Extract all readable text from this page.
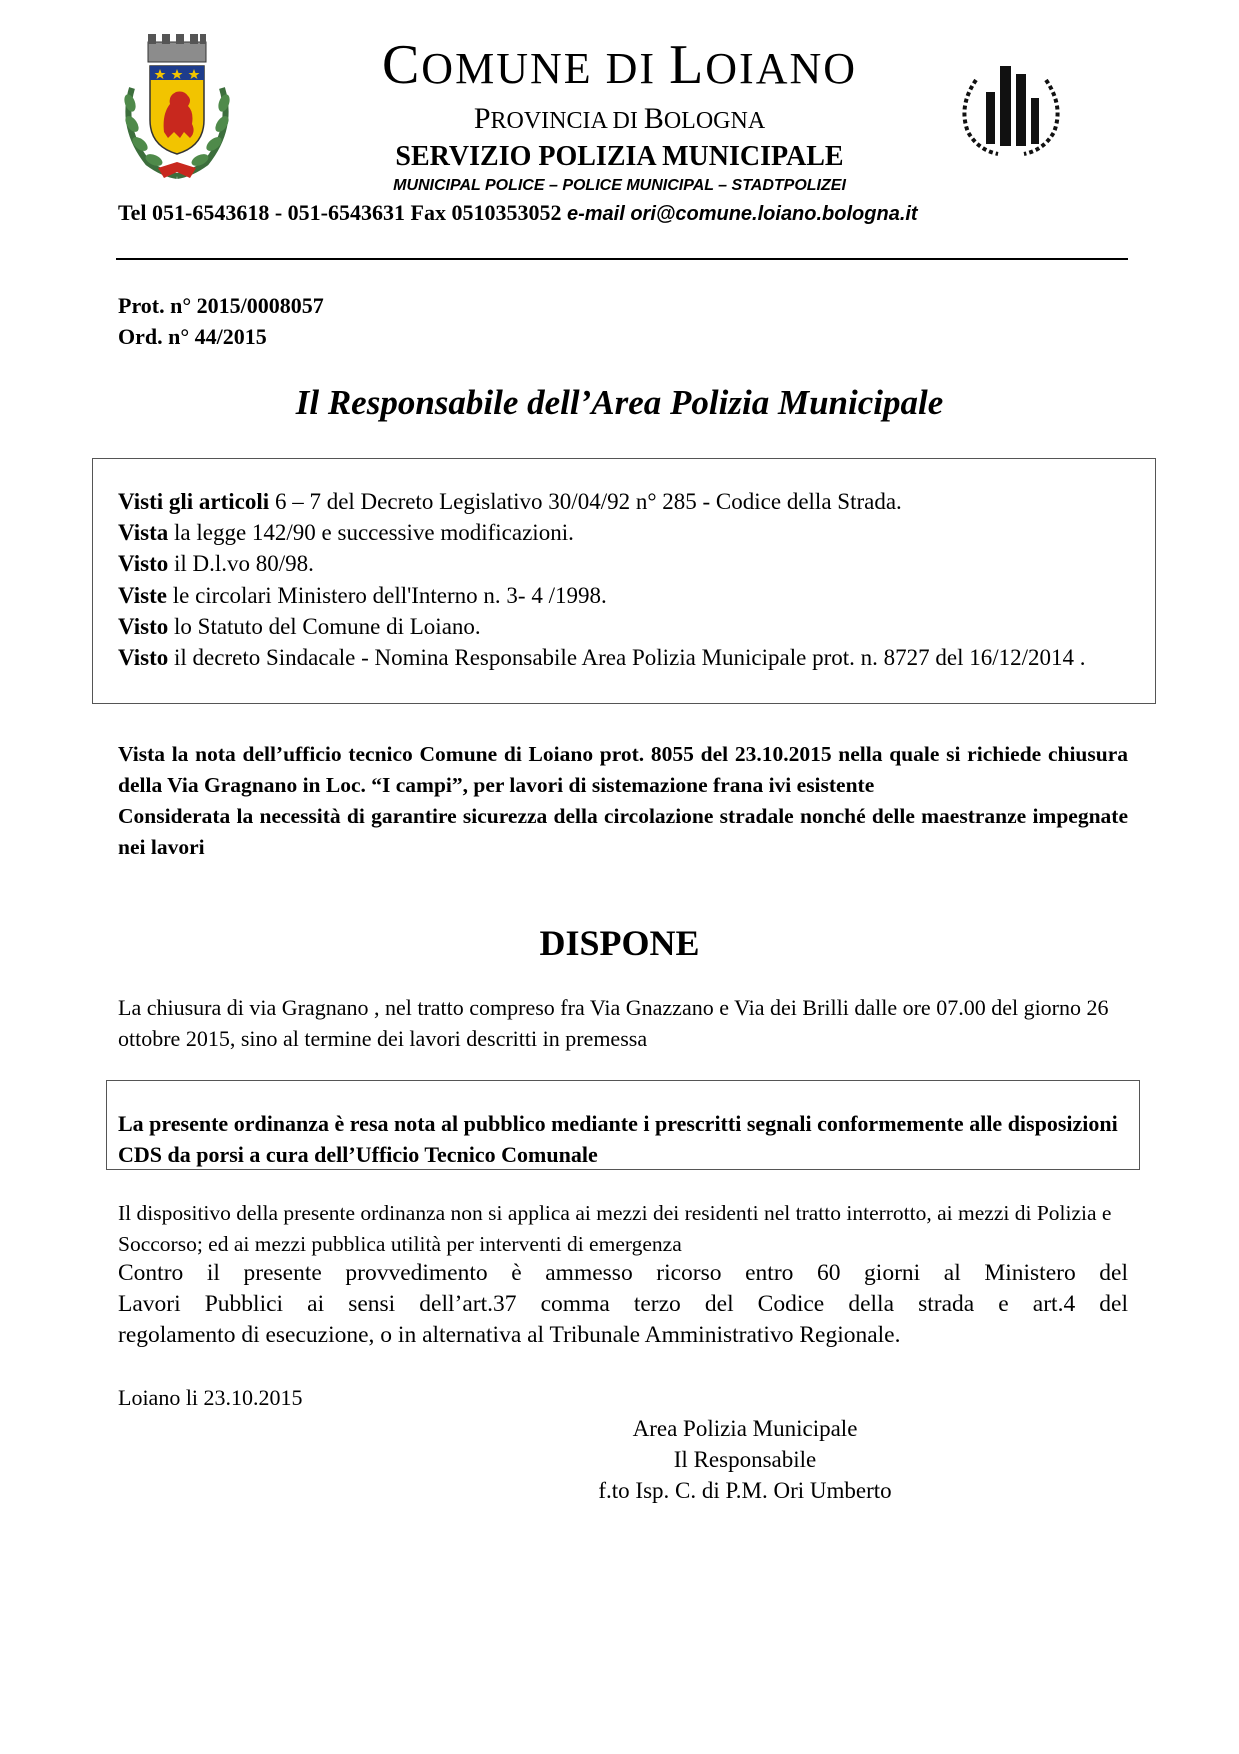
COMUNE DI LOIANO
PROVINCIA DI BOLOGNA
SERVIZIO POLIZIA MUNICIPALE
MUNICIPAL POLICE – POLICE MUNICIPAL – STADTPOLIZEI
Tel 051-6543618 - 051-6543631 Fax 0510353052 e-mail ori@comune.loiano.bologna.it
Prot. n° 2015/0008057
Ord. n° 44/2015
Il Responsabile dell’Area Polizia Municipale
Visti gli articoli 6 – 7 del Decreto Legislativo 30/04/92 n° 285 - Codice della Strada.
Vista la legge 142/90 e successive modificazioni.
Visto il D.l.vo 80/98.
Viste le circolari Ministero dell'Interno n. 3- 4 /1998.
Visto lo Statuto del Comune di Loiano.
Visto il decreto Sindacale - Nomina Responsabile Area Polizia Municipale prot. n. 8727 del 16/12/2014 .
Vista la nota dell’ufficio tecnico Comune di Loiano prot. 8055 del 23.10.2015 nella quale si richiede chiusura della Via Gragnano in Loc. “I campi”, per lavori di sistemazione frana ivi esistente
Considerata la necessità di garantire sicurezza della circolazione stradale nonché delle maestranze impegnate nei lavori
DISPONE
La chiusura di via Gragnano , nel tratto compreso fra Via Gnazzano e Via dei Brilli dalle ore 07.00 del giorno 26 ottobre 2015, sino al termine dei lavori descritti in premessa
La presente ordinanza è resa nota al pubblico mediante i prescritti segnali conformemente alle disposizioni CDS da porsi a cura dell’Ufficio Tecnico Comunale
Il dispositivo della presente ordinanza non si applica ai mezzi dei residenti nel tratto interrotto, ai mezzi di Polizia e Soccorso; ed ai mezzi pubblica utilità per interventi di emergenza
Contro il presente provvedimento è ammesso ricorso entro 60 giorni al Ministero del
Lavori Pubblici ai sensi dell’art.37 comma terzo del Codice della strada e art.4 del
regolamento di esecuzione, o in alternativa al Tribunale Amministrativo Regionale.
Loiano li 23.10.2015
Area Polizia Municipale
Il Responsabile
f.to Isp. C. di P.M. Ori Umberto
